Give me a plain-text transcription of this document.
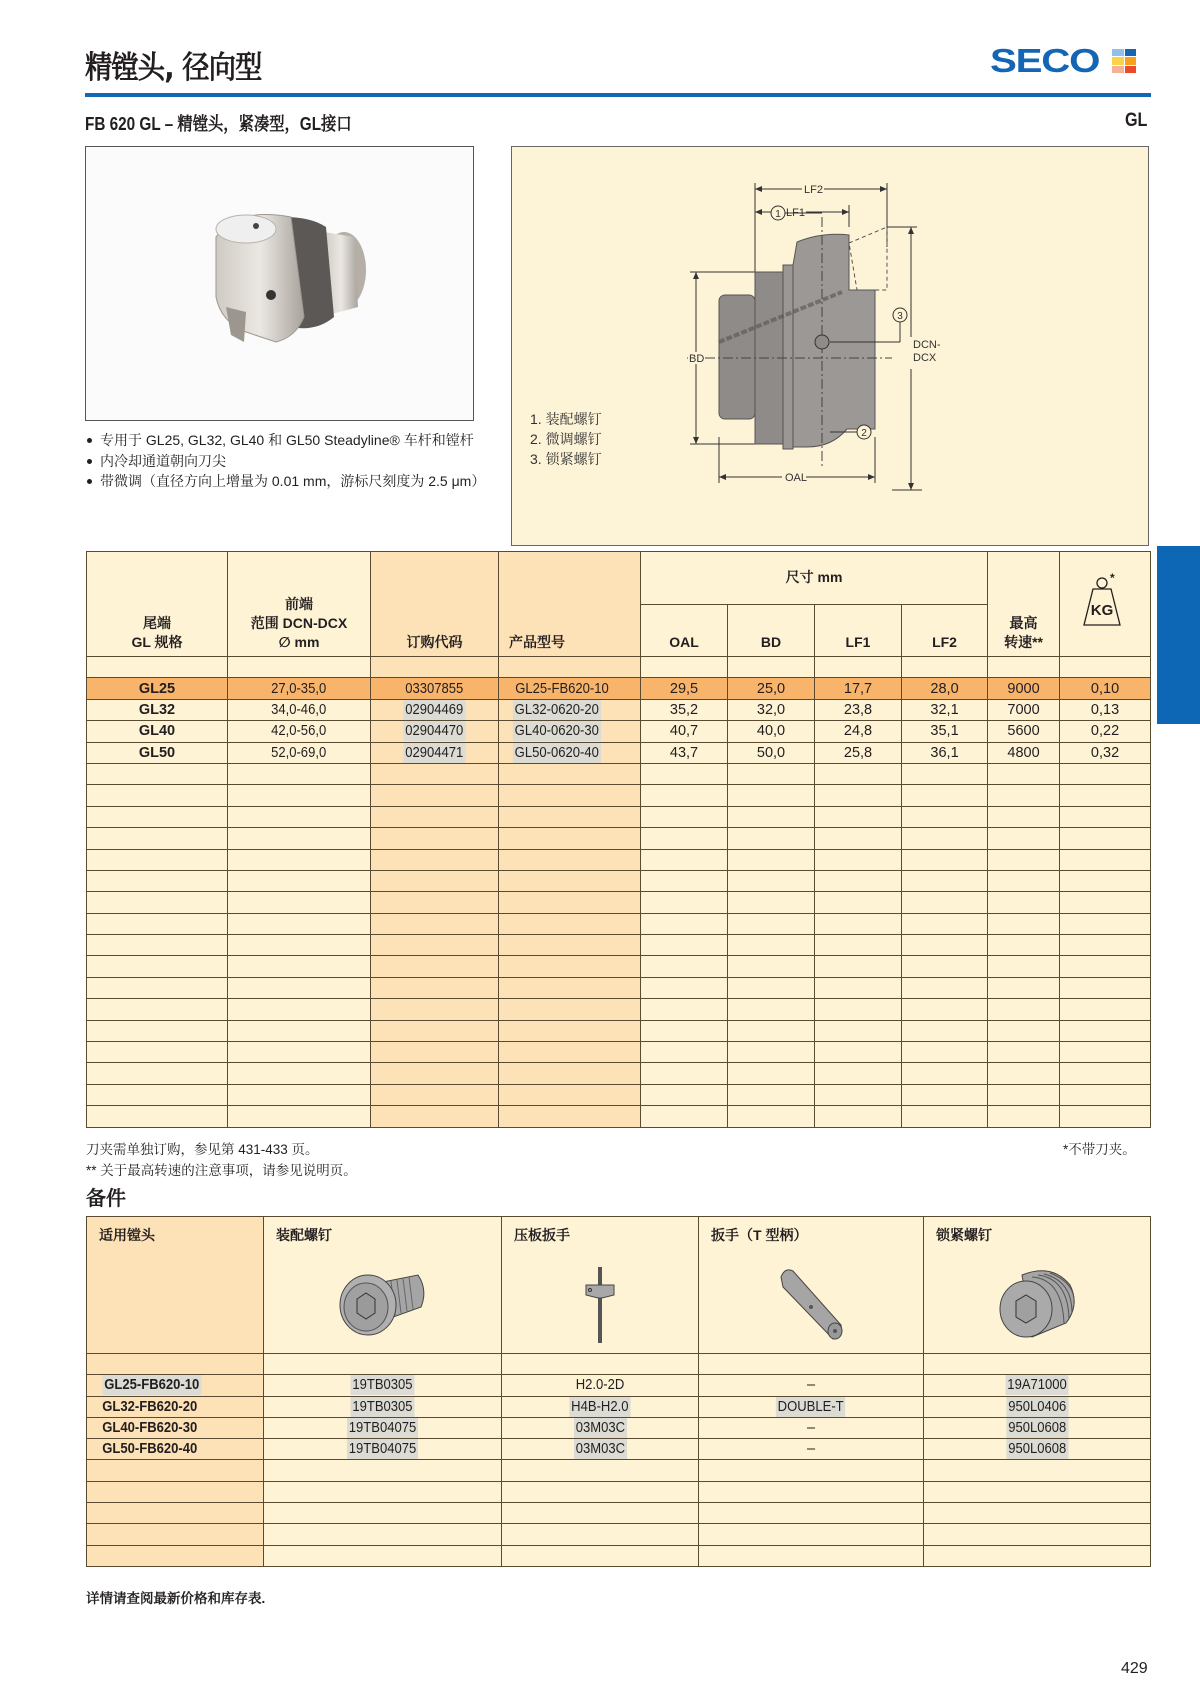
精镗头, 径向型	SECO
FB 620 GL – 精镗头，紧凑型，GL接口	GL
专用于 GL25, GL32, GL40 和 GL50 Steadyline® 车杆和镗杆
内冷却通道朝向刀尖
带微调（直径方向上增量为 0.01 mm，游标尺刻度为 2.5 μm）
LF2
LF1
BD
DCN-
DCX
OAL
1
3
2
1. 装配螺钉
2. 微调螺钉
3. 锁紧螺钉
尾端
GL 规格

前端
范围 DCN-DCX
∅ mm	订购代码	产品型号	尺寸 mm	
最高
转速**

*
KG

				OAL	BD	LF1	LF2		

GL25	27,0-35,0	03307855	GL25-FB620-10	29,5	25,0	17,7	28,0	9000	0,10
GL32	34,0-46,0	02904469	GL32-0620-20	35,2	32,0	23,8	32,1	7000	0,13
GL40	42,0-56,0	02904470	GL40-0620-30	40,7	40,0	24,8	35,1	5600	0,22
GL50	52,0-69,0	02904471	GL50-0620-40	43,7	50,0	25,8	36,1	4800	0,32

刀夹需单独订购，参见第 431-433 页。
** 关于最高转速的注意事项，请参见说明页。
*不带刀夹。
备件
适用镗头	装配螺钉	压板扳手	扳手（T 型柄）	锁紧螺钉

GL25-FB620-10	19TB0305	H2.0-2D	–	19A71000
GL32-FB620-20	19TB0305	H4B-H2.0	DOUBLE-T	950L0406
GL40-FB620-30	19TB04075	03M03C	–	950L0608
GL50-FB620-40	19TB04075	03M03C	–	950L0608

详情请查阅最新价格和库存表.
429
